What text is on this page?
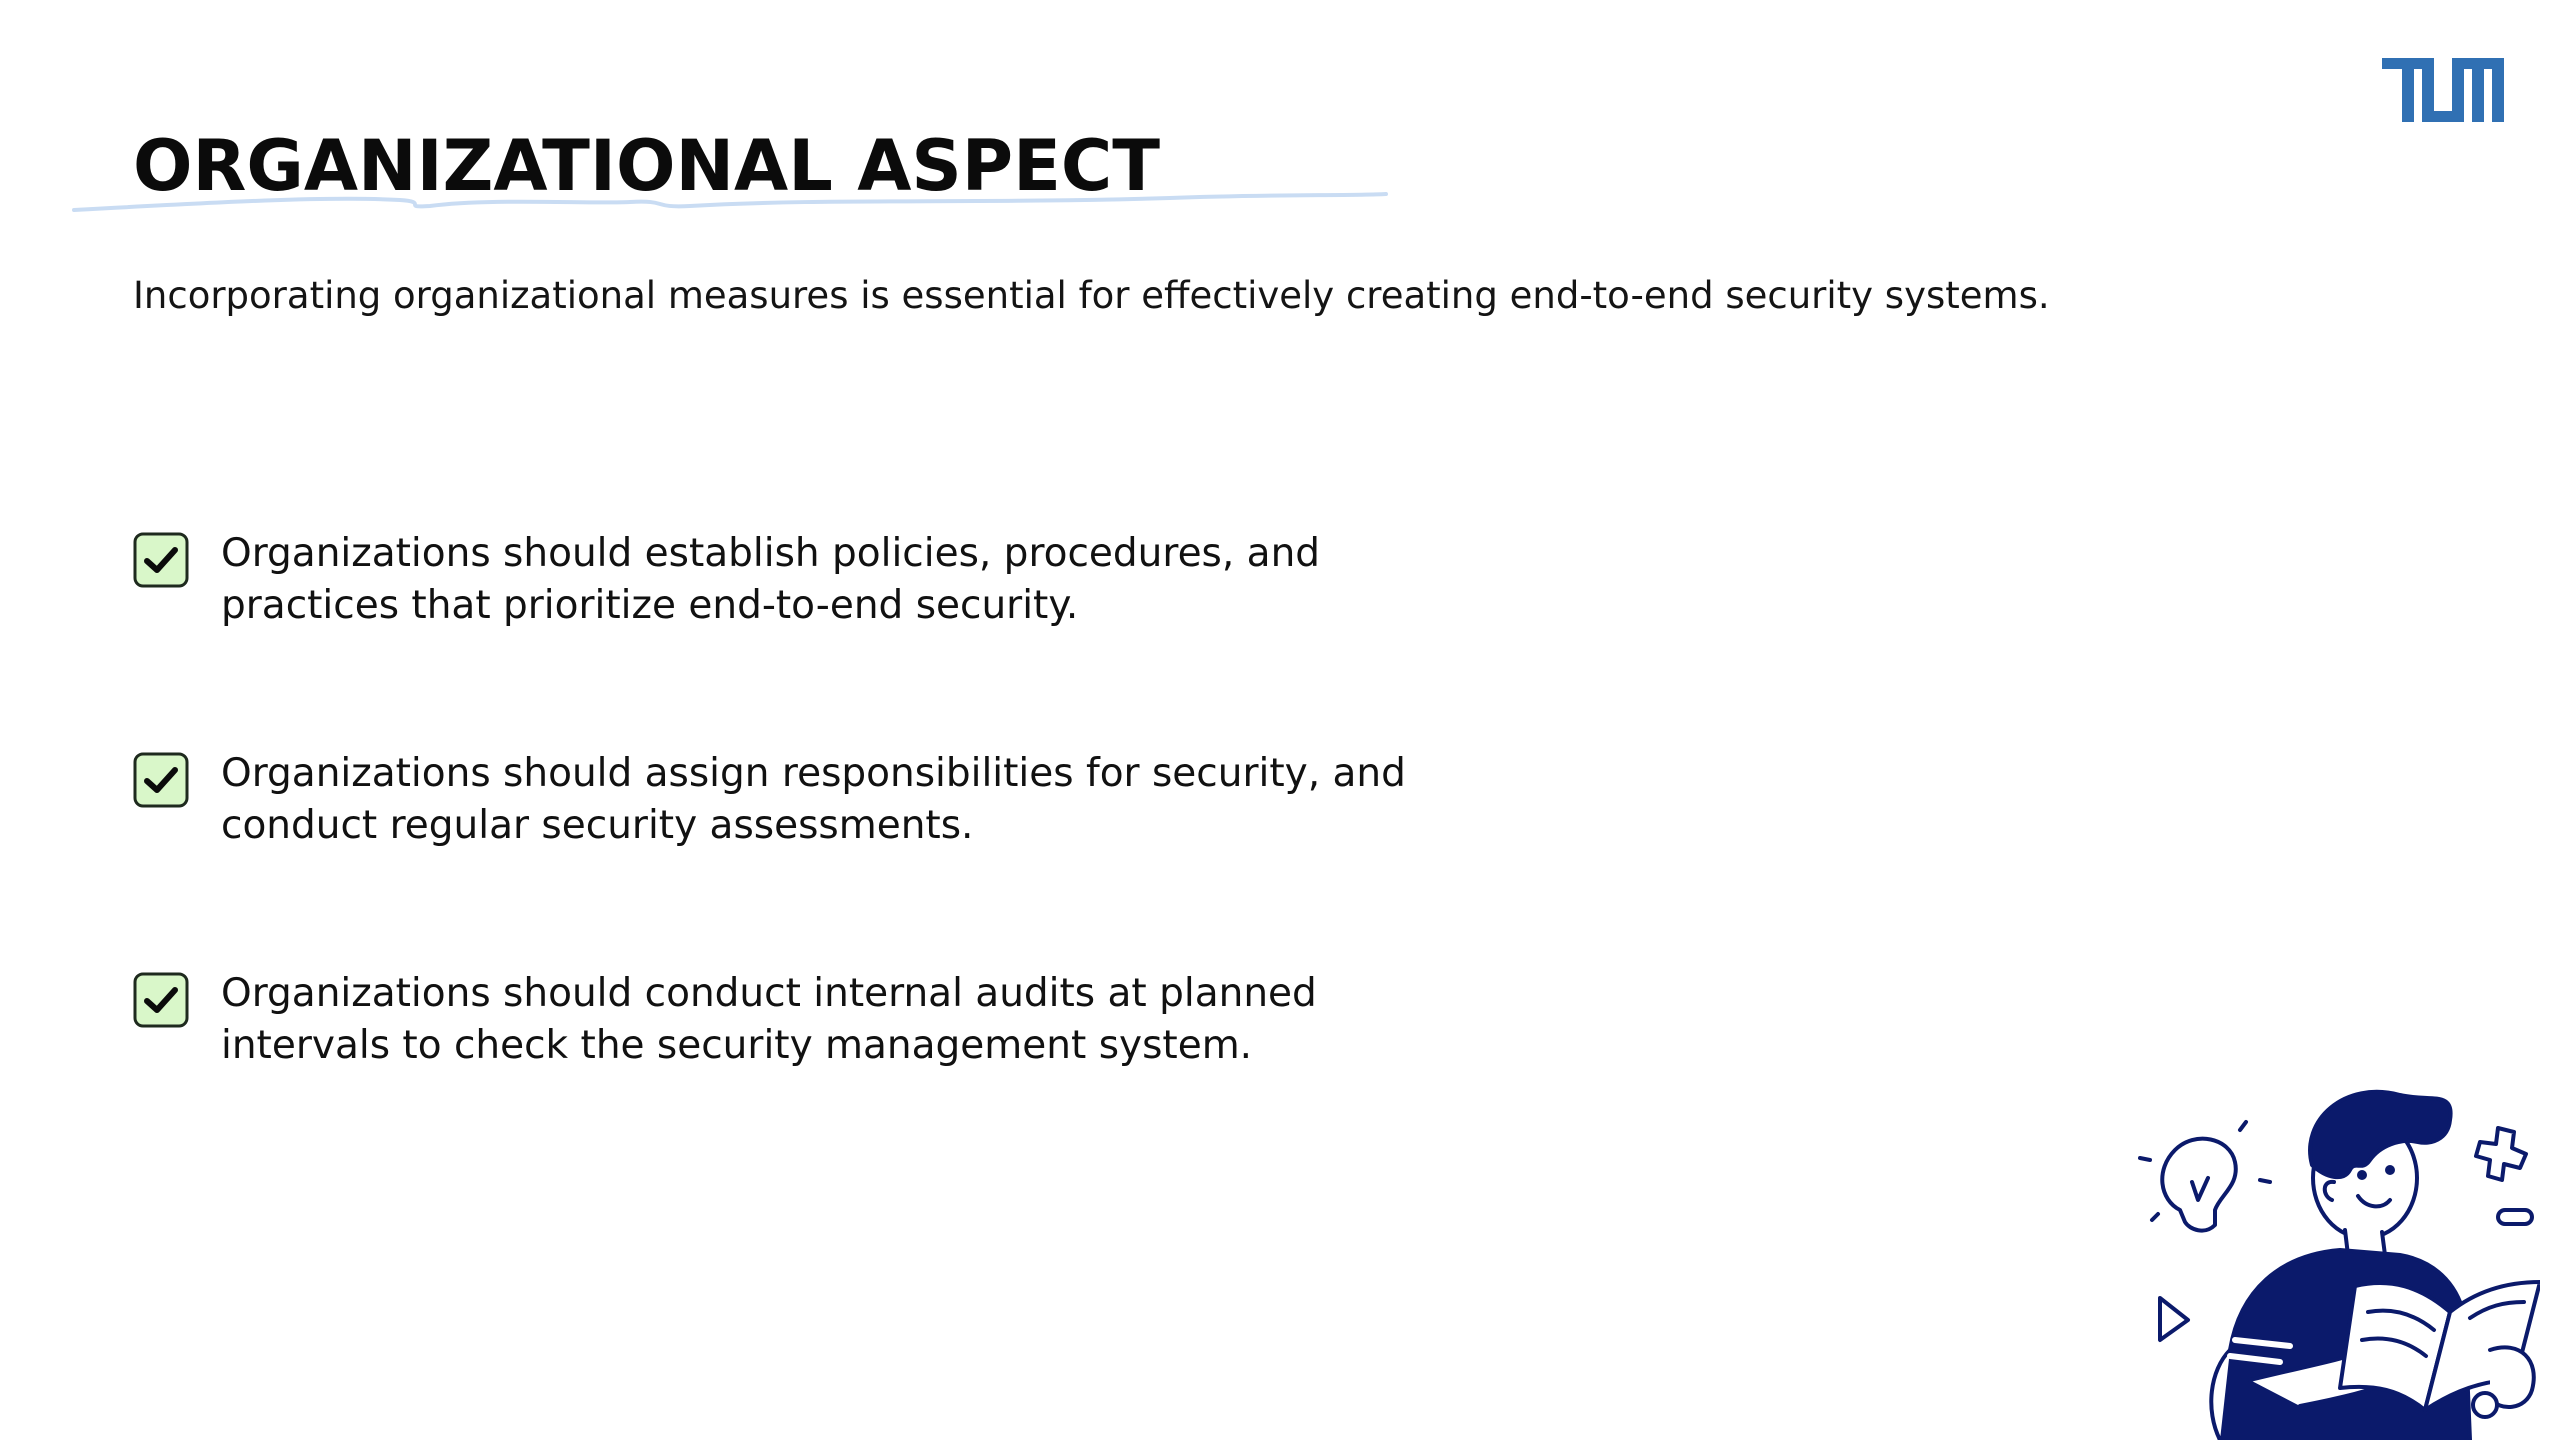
ORGANIZATIONAL ASPECT

Incorporating organizational measures is essential for effectively creating end-to-end security systems.

Organizations should establish policies, procedures, and practices that prioritize end-to-end security.
Organizations should assign responsibilities for security, and conduct regular security assessments.
Organizations should conduct internal audits at planned intervals to check the security management system.
